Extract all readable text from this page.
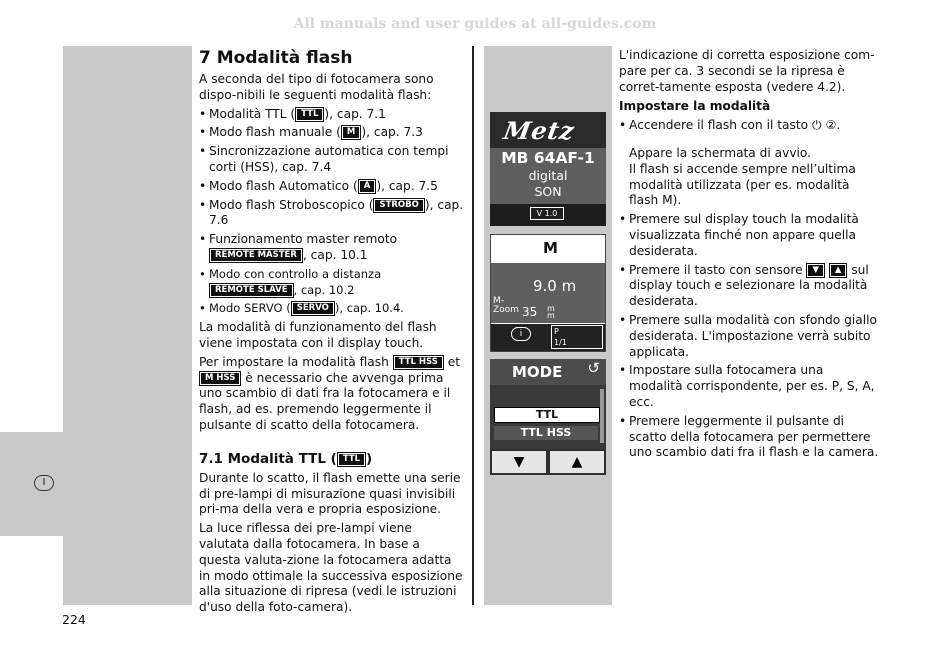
All manuals and user guides at all-guides.com
I
7 Modalità flash

A seconda del tipo di fotocamera sono dispo-nibili le seguenti modalità flash:

• Modalità TTL ( TTL ), cap. 7.1
• Modo flash manuale ( M ), cap. 7.3
• Sincronizzazione automatica con tempi corti (HSS), cap. 7.4
• Modo flash Automatico ( A ), cap. 7.5
• Modo flash Stroboscopico ( STROBO ), cap. 7.6
• Funzionamento master remoto REMOTE MASTER , cap. 10.1
• Modo con controllo a distanza REMOTE SLAVE , cap. 10.2
• Modo SERVO ( SERVO ), cap. 10.4.

La modalità di funzionamento del flash viene impostata con il display touch.

Per impostare la modalità flash TTL HSS et M HSS è necessario che avvenga prima uno scambio di dati fra la fotocamera e il flash, ad es. premendo leggermente il pulsante di scatto della fotocamera.

7.1 Modalità TTL ( TTL )

Durante lo scatto, il flash emette una serie di pre-lampi di misurazione quasi invisibili pri-ma della vera e propria esposizione.

La luce riflessa dei pre-lampi viene valutata dalla fotocamera. In base a questa valuta-zione la fotocamera adatta in modo ottimale la successiva esposizione alla situazione di ripresa (vedi le istruzioni d'uso della foto-camera).

Metz
MB 64AF-1
digital
SON
V 1.0
M
9.0 m
M-
Zoom 35 m
m
i	P
1/1
MODE	↺
TTL
TTL HSS
▼	▲

L'indicazione di corretta esposizione com-pare per ca. 3 secondi se la ripresa è corret-tamente esposta (vedere 4.2).

Impostare la modalità
• Accendere il flash con il tasto ⏻ ②.
Appare la schermata di avvio.
Il flash si accende sempre nell’ultima modalità utilizzata (per es. modalità flash M).
• Premere sul display touch la modalità visualizzata finché non appare quella desiderata.
• Premere il tasto con sensore ▼ ▲ sul display touch e selezionare la modalità desiderata.
• Premere sulla modalità con sfondo giallo desiderata. L'impostazione verrà subito applicata.
• Impostare sulla fotocamera una modalità corrispondente, per es. P, S, A, ecc.
• Premere leggermente il pulsante di scatto della fotocamera per permettere uno scambio dati fra il flash e la camera.
224
